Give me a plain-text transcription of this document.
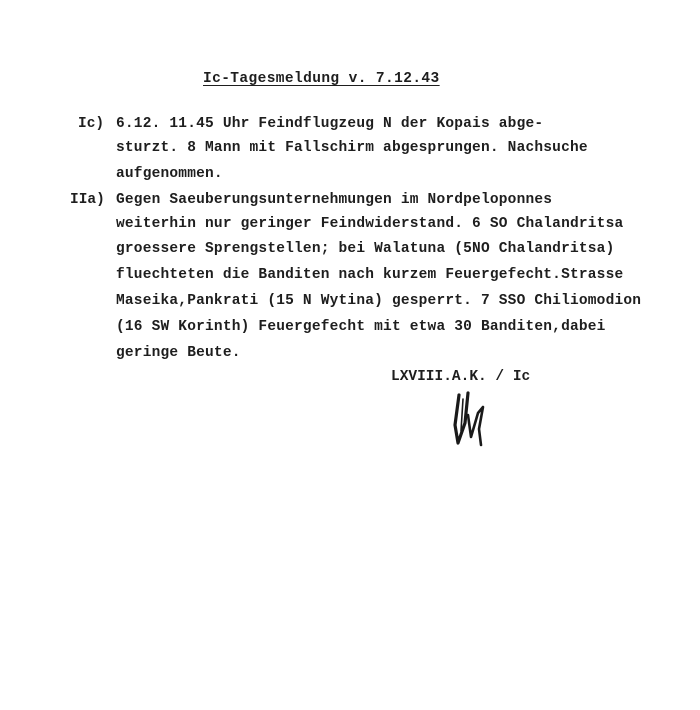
Ic-Tagesmeldung v. 7.12.43
Ic) 6.12. 11.45 Uhr Feindflugzeug N der Kopais abge-
sturzt. 8 Mann mit Fallschirm abgesprungen. Nachsuche
aufgenommen.
IIa) Gegen Saeuberungsunternehmungen im Nordpeloponnes
weiterhin nur geringer Feindwiderstand. 6 SO Chalandritsa
groessere Sprengstellen; bei Walatuna (5NO Chalandritsa)
fluechteten die Banditen nach kurzem Feuergefecht.Strasse
Maseika,Pankrati (15 N Wytina) gesperrt. 7 SSO Chiliomodion
(16 SW Korinth) Feuergefecht mit etwa 30 Banditen,dabei
geringe Beute.
LXVIII.A.K. / Ic
